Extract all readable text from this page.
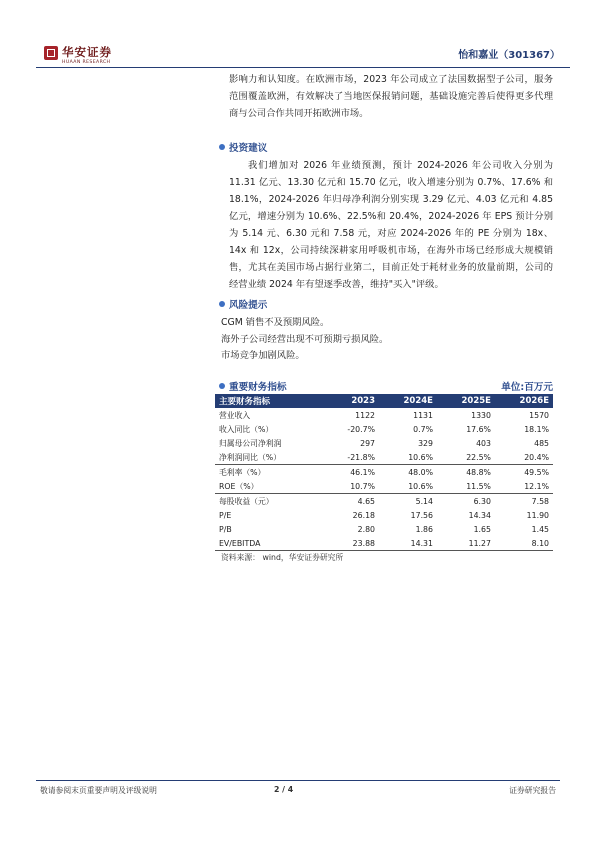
华安证券
HUAAN RESEARCH
怡和嘉业（301367）

影响力和认知度。在欧洲市场，2023 年公司成立了法国数据型子公司，服务范围覆盖欧洲，有效解决了当地医保报销问题，基础设施完善后使得更多代理商与公司合作共同开拓欧洲市场。

投资建议

我们增加对 2026 年业绩预测，预计 2024-2026 年公司收入分别为 11.31 亿元、13.30 亿元和 15.70 亿元，收入增速分别为 0.7%、17.6% 和 18.1%，2024-2026 年归母净利润分别实现 3.29 亿元、4.03 亿元和 4.85 亿元，增速分别为 10.6%、22.5%和 20.4%，2024-2026 年 EPS 预计分别为 5.14 元、6.30 元和 7.58 元，对应 2024-2026 年的 PE 分别为 18x、14x 和 12x，公司持续深耕家用呼吸机市场，在海外市场已经形成大规模销售，尤其在美国市场占据行业第二，目前正处于耗材业务的放量前期，公司的经营业绩 2024 年有望逐季改善，维持"买入"评级。

风险提示
CGM 销售不及预期风险。
海外子公司经营出现不可预期亏损风险。
市场竞争加剧风险。
重要财务指标	单位:百万元
主要财务指标	2023	2024E	2025E	2026E
营业收入	1122	1131	1330	1570
收入同比（%）	-20.7%	0.7%	17.6%	18.1%
归属母公司净利润	297	329	403	485
净利润同比（%）	-21.8%	10.6%	22.5%	20.4%
毛利率（%）	46.1%	48.0%	48.8%	49.5%
ROE（%）	10.7%	10.6%	11.5%	12.1%
每股收益（元）	4.65	5.14	6.30	7.58
P/E	26.18	17.56	14.34	11.90
P/B	2.80	1.86	1.65	1.45
EV/EBITDA	23.88	14.31	11.27	8.10
资料来源： wind，华安证券研究所
敬请参阅末页重要声明及评级说明	2 / 4	证券研究报告
